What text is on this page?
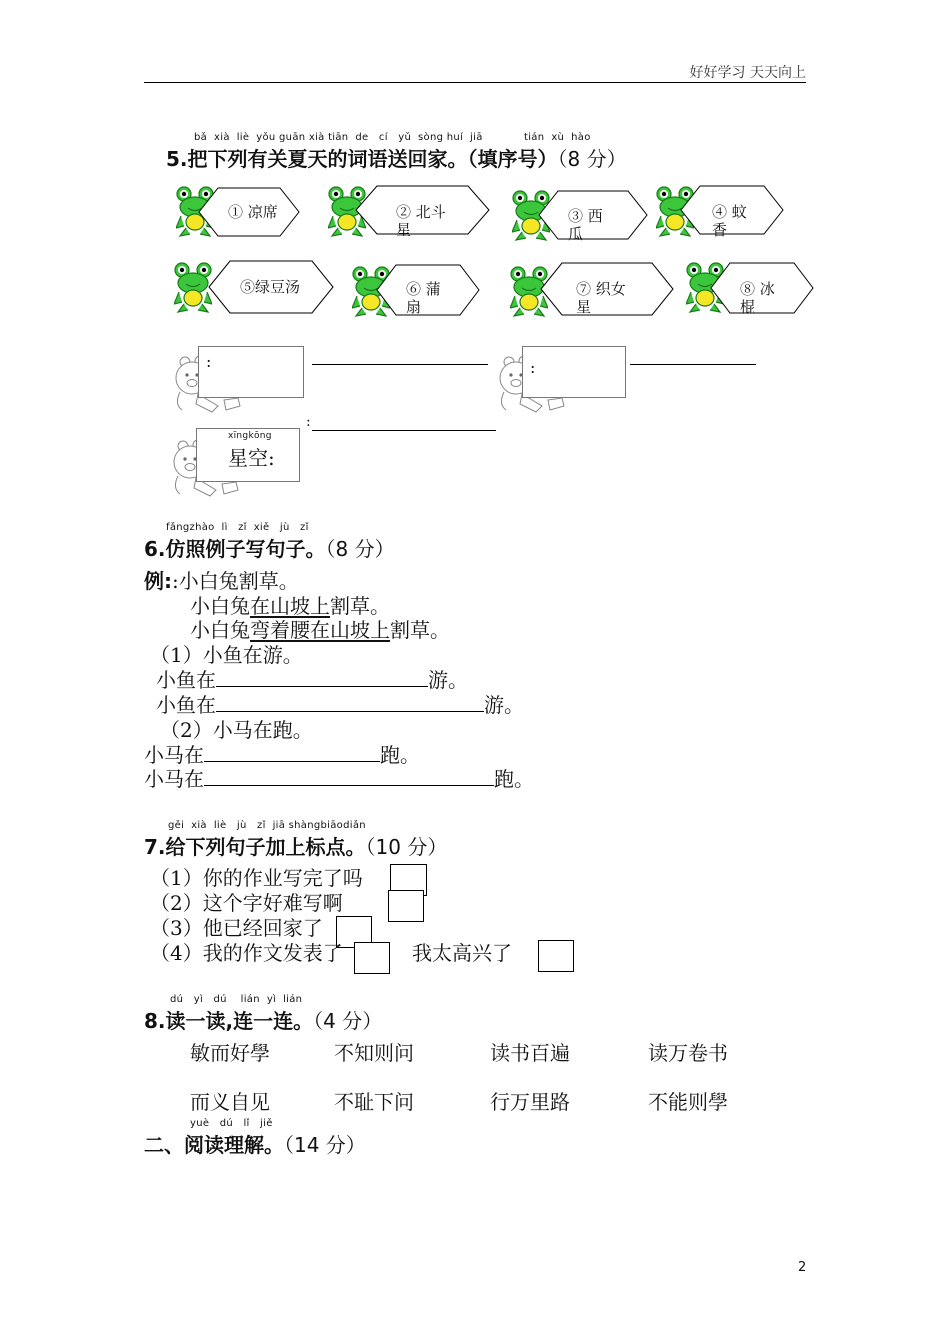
好好学习 天天向上
bǎ  xià  liè  yǒu guān xià tiān  de   cí   yǔ  sòng huí  jiā	tián  xù  hào
5.把下列有关夏天的词语送回家。（填序号）（8 分）
① 凉席	② 北斗星
③ 西瓜
④ 蚊香
⑤绿豆汤	⑥ 蒲扇
⑦ 织女星
⑧ 冰棍
:	:
:
xīngkōng
星空:
fǎngzhào  lì   zǐ  xiě   jù   zǐ
6.仿照例子写句子。（8 分）
例::小白兔割草。
小白兔在山坡上割草。
小白兔弯着腰在山坡上割草。
（1）小鱼在游。
小鱼在	游。
小鱼在	游。
（2）小马在跑。
小马在	跑。
小马在	跑。
gěi  xià  liè   jù   zǐ  jiā shàngbiāodiǎn
7.给下列句子加上标点。（10 分）
（1）你的作业写完了吗
（2）这个字好难写啊
（3）他已经回家了
（4）我的作文发表了	我太高兴了
dú   yì   dú    lián  yì  lián
8.读一读,连一连。（4 分）
敏而好學	不知则问	读书百遍	读万卷书
而义自见	不耻下问	行万里路	不能则學
yuè   dú   lǐ   jiě
二、阅读理解。（14 分）
2
